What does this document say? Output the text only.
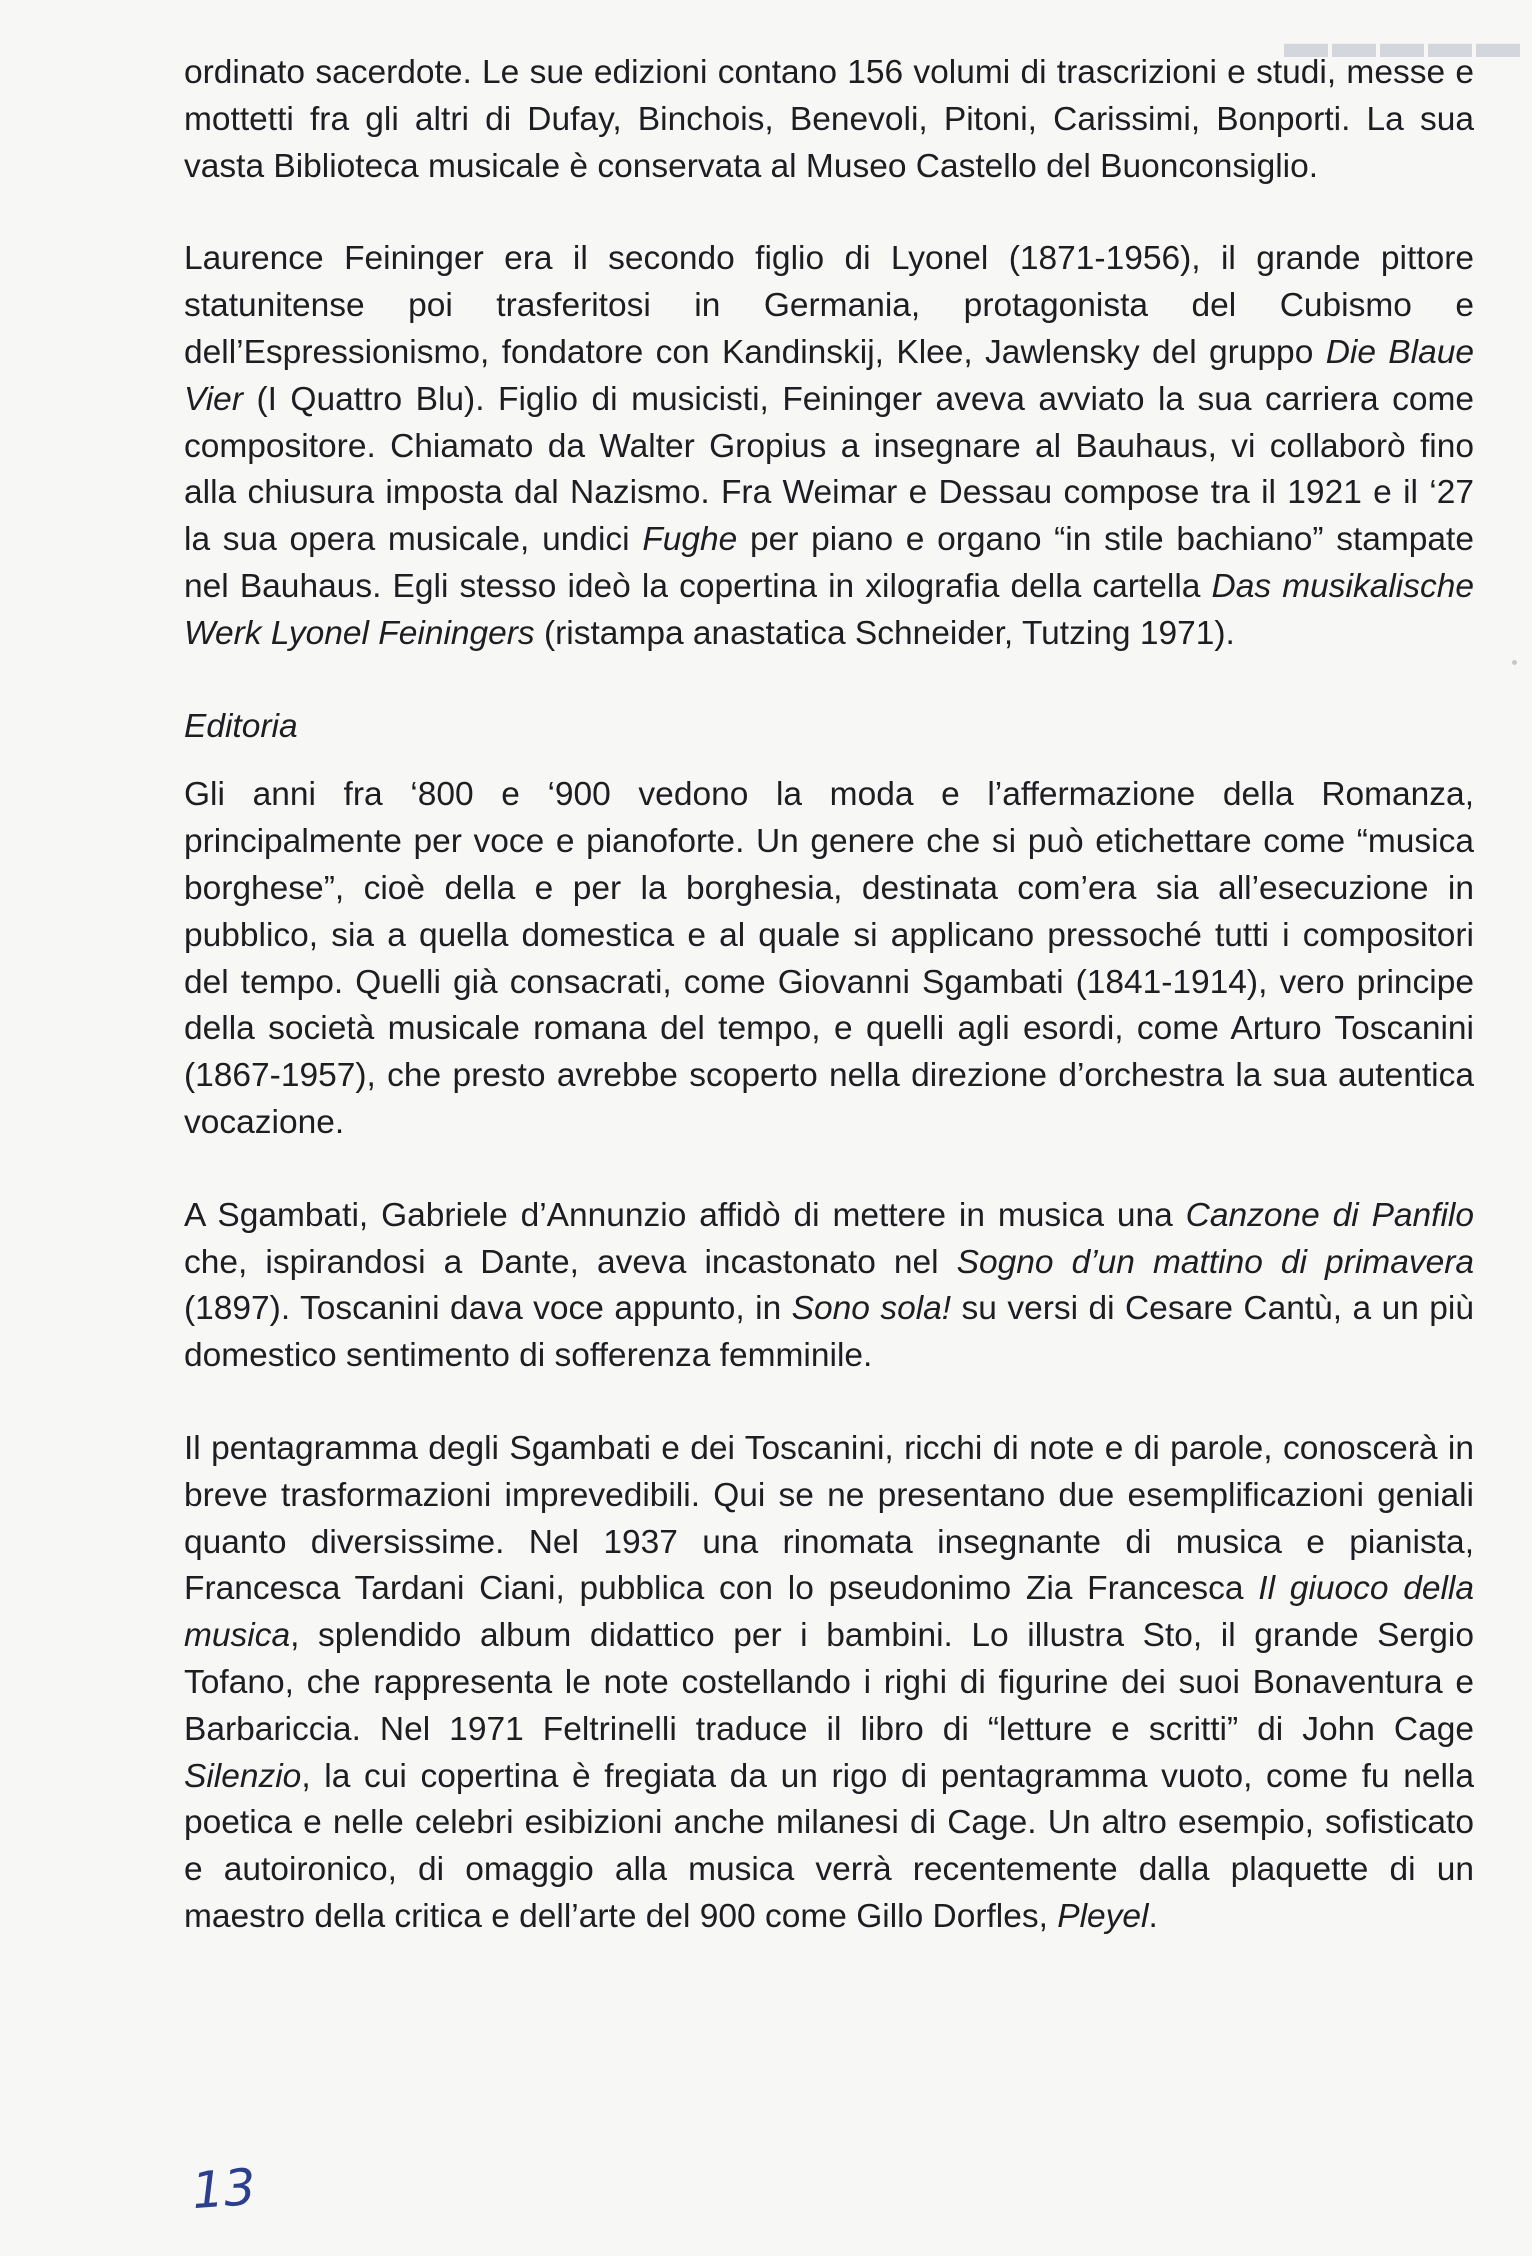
▬▬▬▬▬

ordinato sacerdote. Le sue edizioni contano 156 volumi di trascrizioni e studi, messe e mottetti fra gli altri di Dufay, Binchois, Benevoli, Pitoni, Carissimi, Bonporti. La sua vasta Biblioteca musicale è conservata al Museo Castello del Buonconsiglio.

Laurence Feininger era il secondo figlio di Lyonel (1871-1956), il grande pittore statunitense poi trasferitosi in Germania, protagonista del Cubismo e dell’Espressionismo, fondatore con Kandinskij, Klee, Jawlensky del gruppo Die Blaue Vier (I Quattro Blu). Figlio di musicisti, Feininger aveva avviato la sua carriera come compositore. Chiamato da Walter Gropius a insegnare al Bauhaus, vi collaborò fino alla chiusura imposta dal Nazismo. Fra Weimar e Dessau compose tra il 1921 e il ‘27 la sua opera musicale, undici Fughe per piano e organo “in stile bachiano” stampate nel Bauhaus. Egli stesso ideò la copertina in xilografia della cartella Das musikalische Werk Lyonel Feiningers (ristampa anastatica Schneider, Tutzing 1971).

Editoria

Gli anni fra ‘800 e ‘900 vedono la moda e l’affermazione della Romanza, principalmente per voce e pianoforte. Un genere che si può etichettare come “musica borghese”, cioè della e per la borghesia, destinata com’era sia all’esecuzione in pubblico, sia a quella domestica e al quale si applicano pressoché tutti i compositori del tempo. Quelli già consacrati, come Giovanni Sgambati (1841-1914), vero principe della società musicale romana del tempo, e quelli agli esordi, come Arturo Toscanini (1867-1957), che presto avrebbe scoperto nella direzione d’orchestra la sua autentica vocazione.

A Sgambati, Gabriele d’Annunzio affidò di mettere in musica una Canzone di Panfilo che, ispirandosi a Dante, aveva incastonato nel Sogno d’un mattino di primavera (1897). Toscanini dava voce appunto, in Sono sola! su versi di Cesare Cantù, a un più domestico sentimento di sofferenza femminile.

Il pentagramma degli Sgambati e dei Toscanini, ricchi di note e di parole, conoscerà in breve trasformazioni imprevedibili. Qui se ne presentano due esemplificazioni geniali quanto diversissime. Nel 1937 una rinomata insegnante di musica e pianista, Francesca Tardani Ciani, pubblica con lo pseudonimo Zia Francesca Il giuoco della musica, splendido album didattico per i bambini. Lo illustra Sto, il grande Sergio Tofano, che rappresenta le note costellando i righi di figurine dei suoi Bonaventura e Barbariccia. Nel 1971 Feltrinelli traduce il libro di “letture e scritti” di John Cage Silenzio, la cui copertina è fregiata da un rigo di pentagramma vuoto, come fu nella poetica e nelle celebri esibizioni anche milanesi di Cage. Un altro esempio, sofisticato e autoironico, di omaggio alla musica verrà recentemente dalla plaquette di un maestro della critica e dell’arte del 900 come Gillo Dorfles, Pleyel.

13
